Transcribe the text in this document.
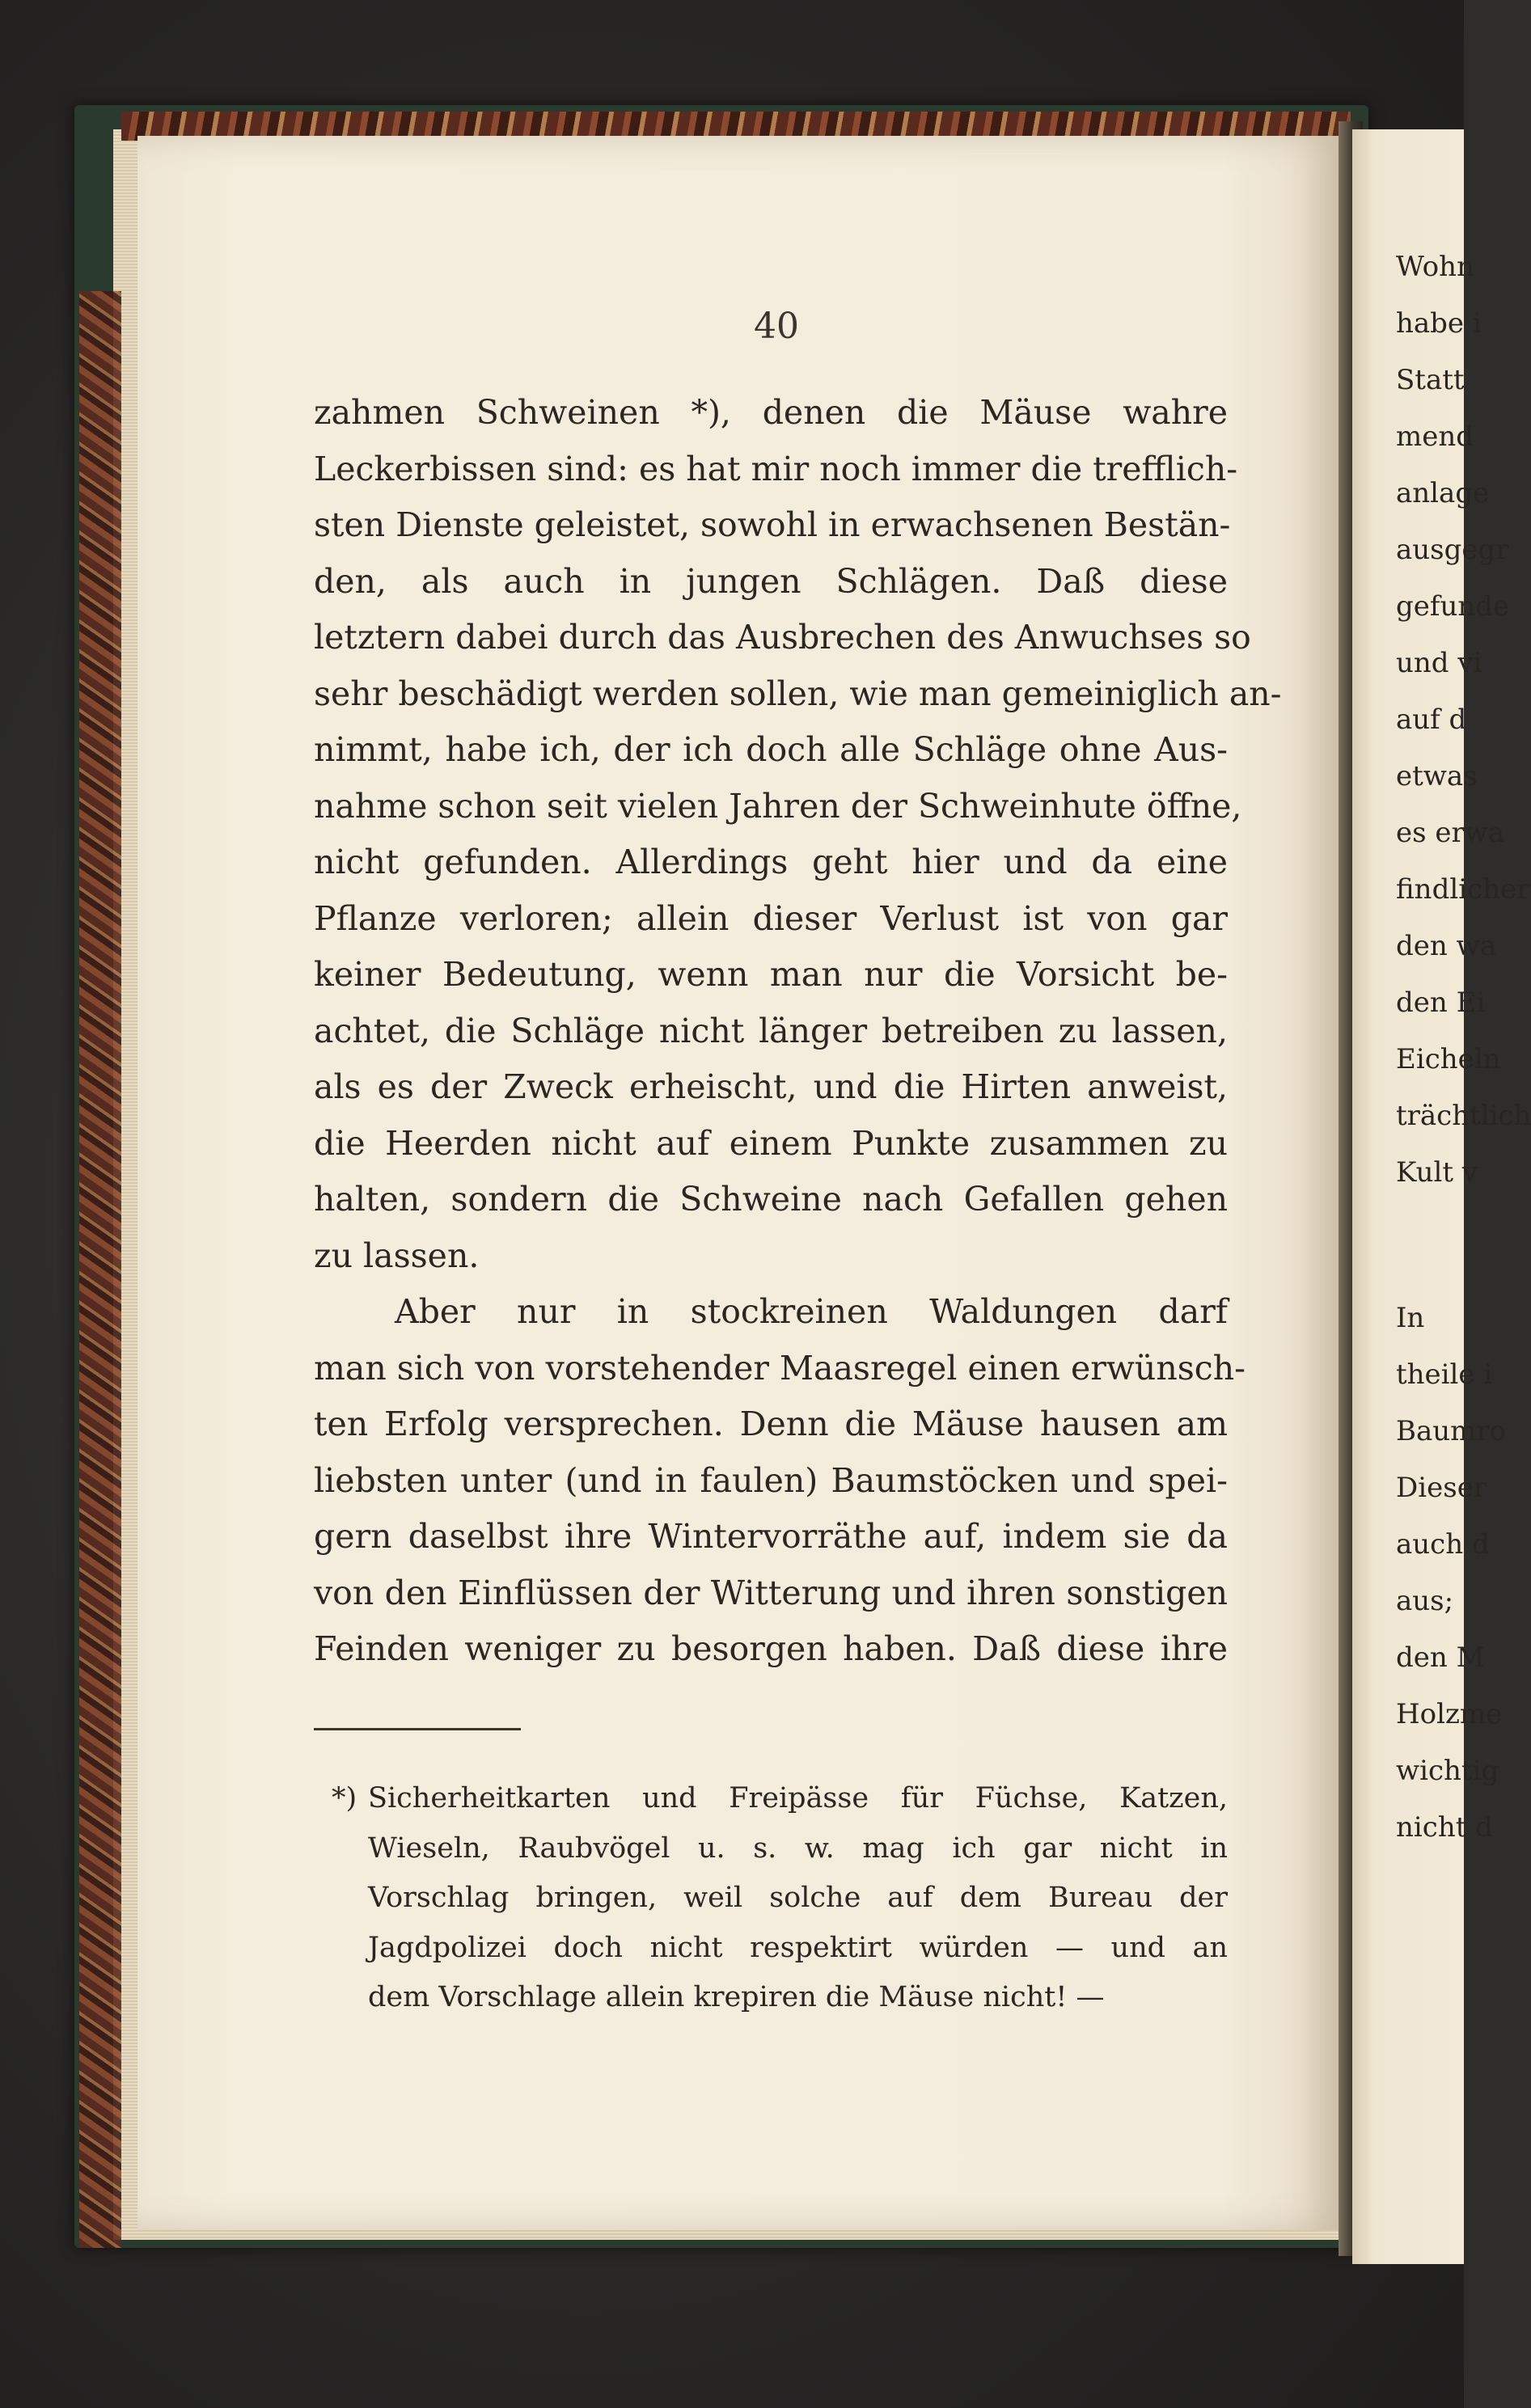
Wohn
habe i
Statt
mend
anlage
ausgegr
gefunde
und vi
auf d
etwas
es erwa
findlicher
den wa
den Ei
Eicheln
trächtlich
Kult v
In
theile i
Baumro
Dieser
auch d
aus;
den M
Holzme
wichtig
nicht d
40
zahmen Schweinen *), denen die Mäuse wahre
Leckerbissen sind: es hat mir noch immer die trefflich-
sten Dienste geleistet, sowohl in erwachsenen Bestän-
den, als auch in jungen Schlägen. Daß diese
letztern dabei durch das Ausbrechen des Anwuchses so
sehr beschädigt werden sollen, wie man gemeiniglich an-
nimmt, habe ich, der ich doch alle Schläge ohne Aus-
nahme schon seit vielen Jahren der Schweinhute öffne,
nicht gefunden. Allerdings geht hier und da eine
Pflanze verloren; allein dieser Verlust ist von gar
keiner Bedeutung, wenn man nur die Vorsicht be-
achtet, die Schläge nicht länger betreiben zu lassen,
als es der Zweck erheischt, und die Hirten anweist,
die Heerden nicht auf einem Punkte zusammen zu
halten, sondern die Schweine nach Gefallen gehen
zu lassen.
Aber nur in stockreinen Waldungen darf
man sich von vorstehender Maasregel einen erwünsch-
ten Erfolg versprechen. Denn die Mäuse hausen am
liebsten unter (und in faulen) Baumstöcken und spei-
gern daselbst ihre Wintervorräthe auf, indem sie da
von den Einflüssen der Witterung und ihren sonstigen
Feinden weniger zu besorgen haben. Daß diese ihre
*) Sicherheitkarten und Freipässe für Füchse, Katzen,
Wieseln, Raubvögel u. s. w. mag ich gar nicht in
Vorschlag bringen, weil solche auf dem Bureau der
Jagdpolizei doch nicht respektirt würden — und an
dem Vorschlage allein krepiren die Mäuse nicht! —
